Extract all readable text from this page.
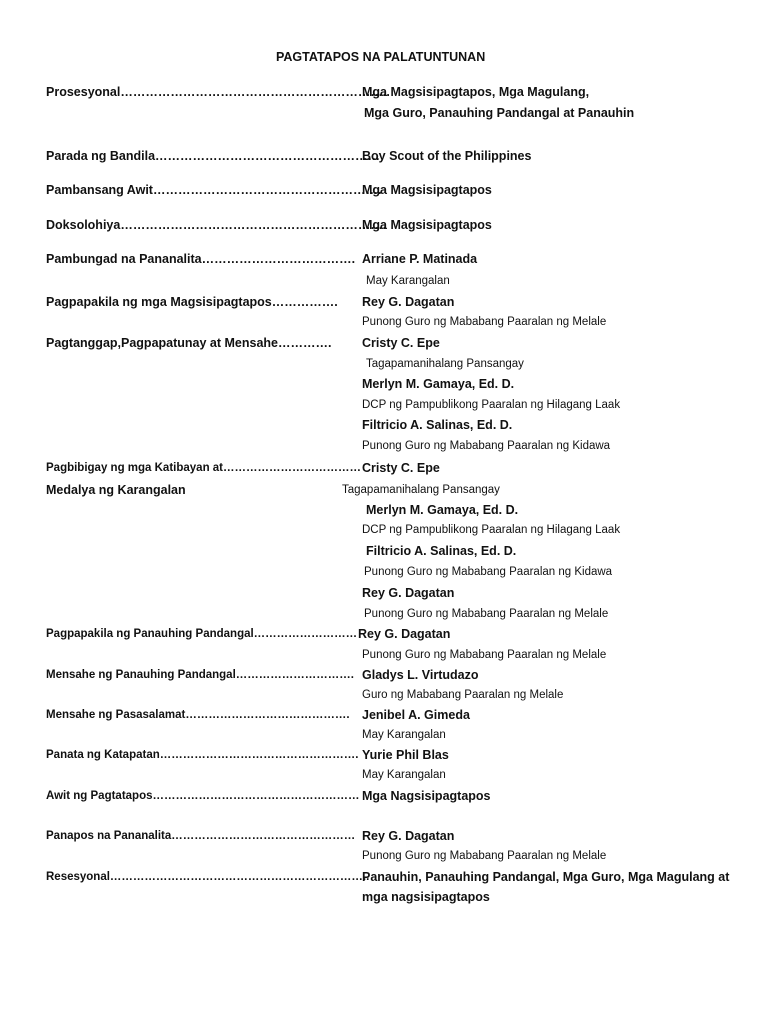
PAGTATAPOS NA PALATUNTUNAN
Prosesyonal………………………………………………………..
Parada ng Bandila………………………………………………
Pambansang Awit……………………………………………….
Doksolohiya……………………………………………………….
Pambungad na Pananalita……………………………….
Pagpapakila ng mga Magsisipagtapos…………….
Pagtanggap,Pagpapatunay at Mensahe………….
Pagbibigay ng mga Katibayan at………………………………
Medalya ng Karangalan
Pagpapakila ng Panauhing Pandangal………………………
Mensahe ng Panauhing Pandangal………………………….
Mensahe ng Pasasalamat…………………………………….
Panata ng Katapatan…………………………………………….
Awit ng Pagtatapos………………………………………………
Panapos na Pananalita…………………………………………
Resesyonal…………………………………………………………..
Mga Magsisipagtapos, Mga Magulang,
Mga Guro, Panauhing Pandangal at Panauhin
Boy Scout of the Philippines
Mga Magsisipagtapos
Mga Magsisipagtapos
Arriane P. Matinada
May Karangalan
Rey G. Dagatan
Punong Guro ng Mababang Paaralan ng Melale
Cristy C. Epe
Tagapamanihalang Pansangay
Merlyn M. Gamaya, Ed. D.
DCP ng Pampublikong Paaralan ng Hilagang Laak
Filtricio A. Salinas, Ed. D.
Punong Guro ng Mababang Paaralan ng Kidawa
Cristy C. Epe
Tagapamanihalang Pansangay
Merlyn M. Gamaya, Ed. D.
DCP ng Pampublikong Paaralan ng Hilagang Laak
Filtricio A. Salinas, Ed. D.
Punong Guro ng Mababang Paaralan ng Kidawa
Rey G. Dagatan
Punong Guro ng Mababang Paaralan ng Melale
Rey G. Dagatan
Punong Guro ng Mababang Paaralan ng Melale
Gladys L. Virtudazo
Guro ng Mababang Paaralan ng Melale
Jenibel A. Gimeda
May Karangalan
Yurie Phil Blas
May Karangalan
Mga Nagsisipagtapos
Rey G. Dagatan
Punong Guro ng Mababang Paaralan ng Melale
Panauhin, Panauhing Pandangal, Mga Guro, Mga Magulang at
mga nagsisipagtapos
